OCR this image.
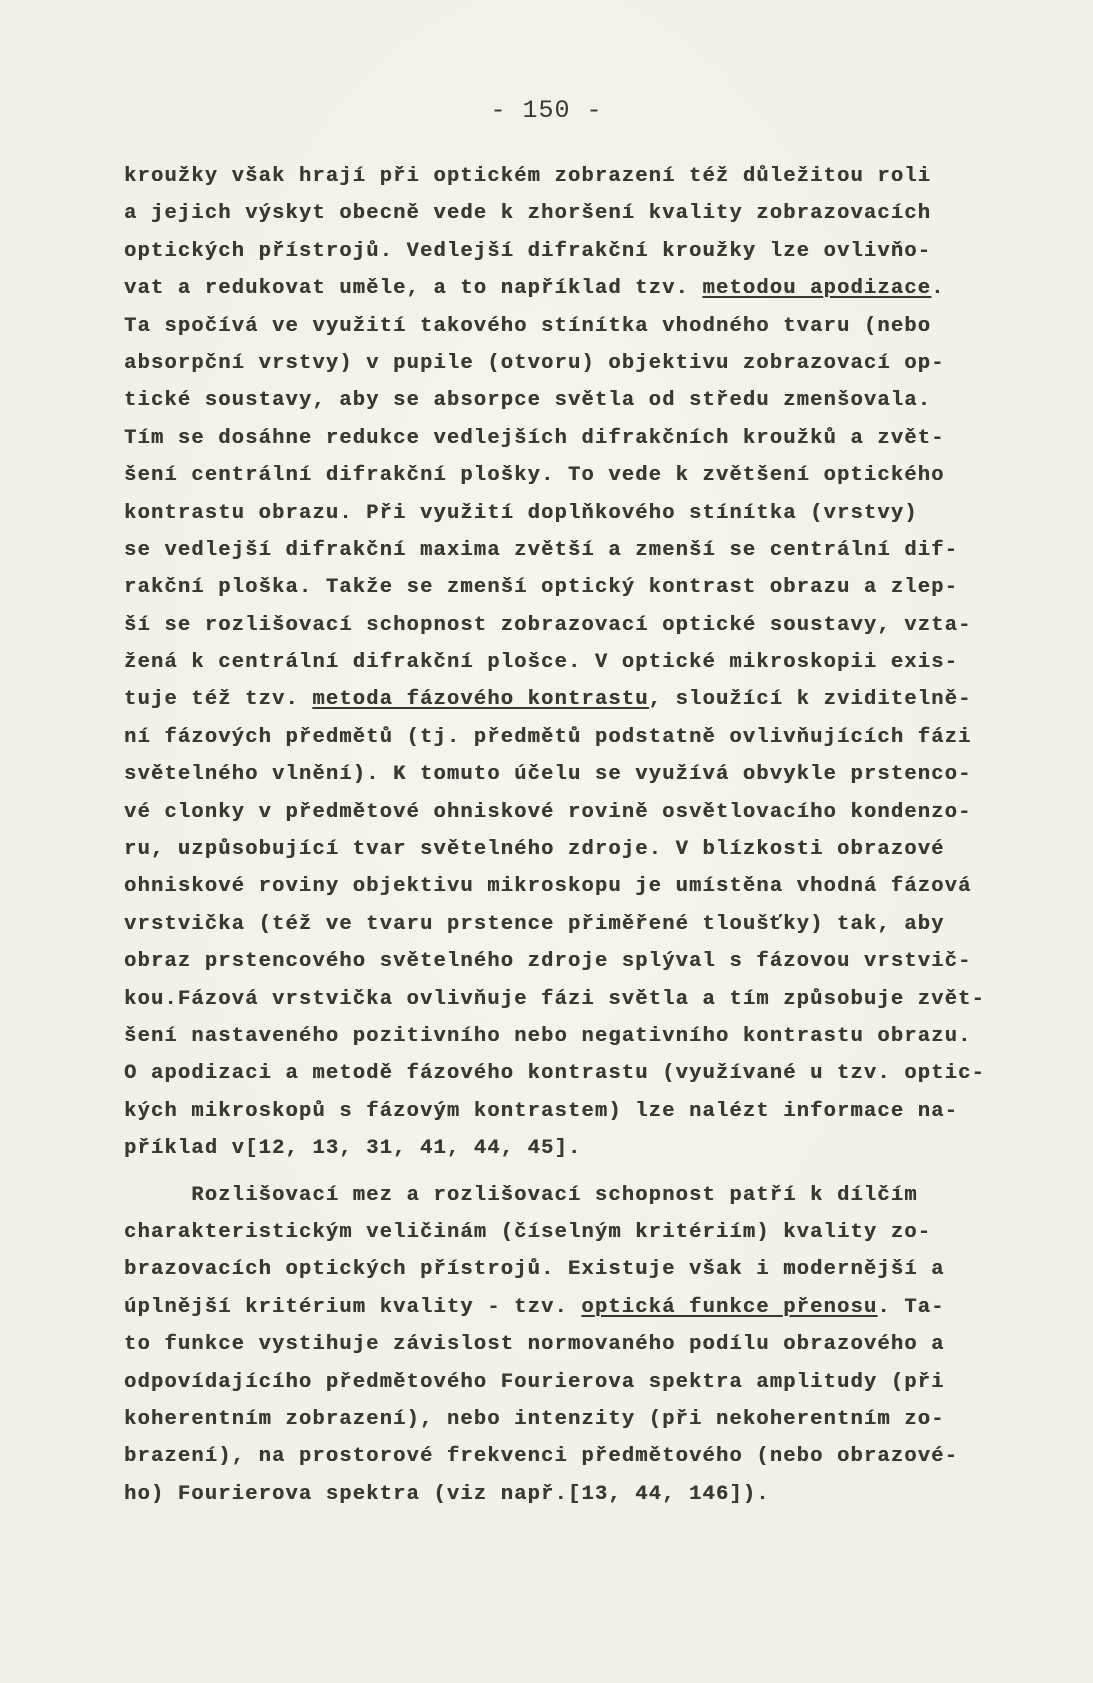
- 150 -
kroužky však hrají při optickém zobrazení též důležitou roli
a jejich výskyt obecně vede k zhoršení kvality zobrazovacích
optických přístrojů. Vedlejší difrakční kroužky lze ovlivňo-
vat a redukovat uměle, a to například tzv. metodou apodizace.
Ta spočívá ve využití takového stínítka vhodného tvaru (nebo
absorpční vrstvy) v pupile (otvoru) objektivu zobrazovací op-
tické soustavy, aby se absorpce světla od středu zmenšovala.
Tím se dosáhne redukce vedlejších difrakčních kroužků a zvět-
šení centrální difrakční plošky. To vede k zvětšení optického
kontrastu obrazu. Při využití doplňkového stínítka (vrstvy)
se vedlejší difrakční maxima zvětší a zmenší se centrální dif-
rakční ploška. Takže se zmenší optický kontrast obrazu a zlep-
ší se rozlišovací schopnost zobrazovací optické soustavy, vzta-
žená k centrální difrakční plošce. V optické mikroskopii exis-
tuje též tzv. metoda fázového kontrastu, sloužící k zviditelně-
ní fázových předmětů (tj. předmětů podstatně ovlivňujících fázi
světelného vlnění). K tomuto účelu se využívá obvykle prstenco-
vé clonky v předmětové ohniskové rovině osvětlovacího kondenzo-
ru, uzpůsobující tvar světelného zdroje. V blízkosti obrazové
ohniskové roviny objektivu mikroskopu je umístěna vhodná fázová
vrstvička (též ve tvaru prstence přiměřené tloušťky) tak, aby
obraz prstencového světelného zdroje splýval s fázovou vrstvič-
kou.Fázová vrstvička ovlivňuje fázi světla a tím způsobuje zvět-
šení nastaveného pozitivního nebo negativního kontrastu obrazu.
O apodizaci a metodě fázového kontrastu (využívané u tzv. optic-
kých mikroskopů s fázovým kontrastem) lze nalézt informace na-
příklad v[12, 13, 31, 41, 44, 45].
Rozlišovací mez a rozlišovací schopnost patří k dílčím
charakteristickým veličinám (číselným kritériím) kvality zo-
brazovacích optických přístrojů. Existuje však i modernější a
úplnější kritérium kvality - tzv. optická funkce přenosu. Ta-
to funkce vystihuje závislost normovaného podílu obrazového a
odpovídajícího předmětového Fourierova spektra amplitudy (při
koherentním zobrazení), nebo intenzity (při nekoherentním zo-
brazení), na prostorové frekvenci předmětového (nebo obrazové-
ho) Fourierova spektra (viz např.[13, 44, 146]).
